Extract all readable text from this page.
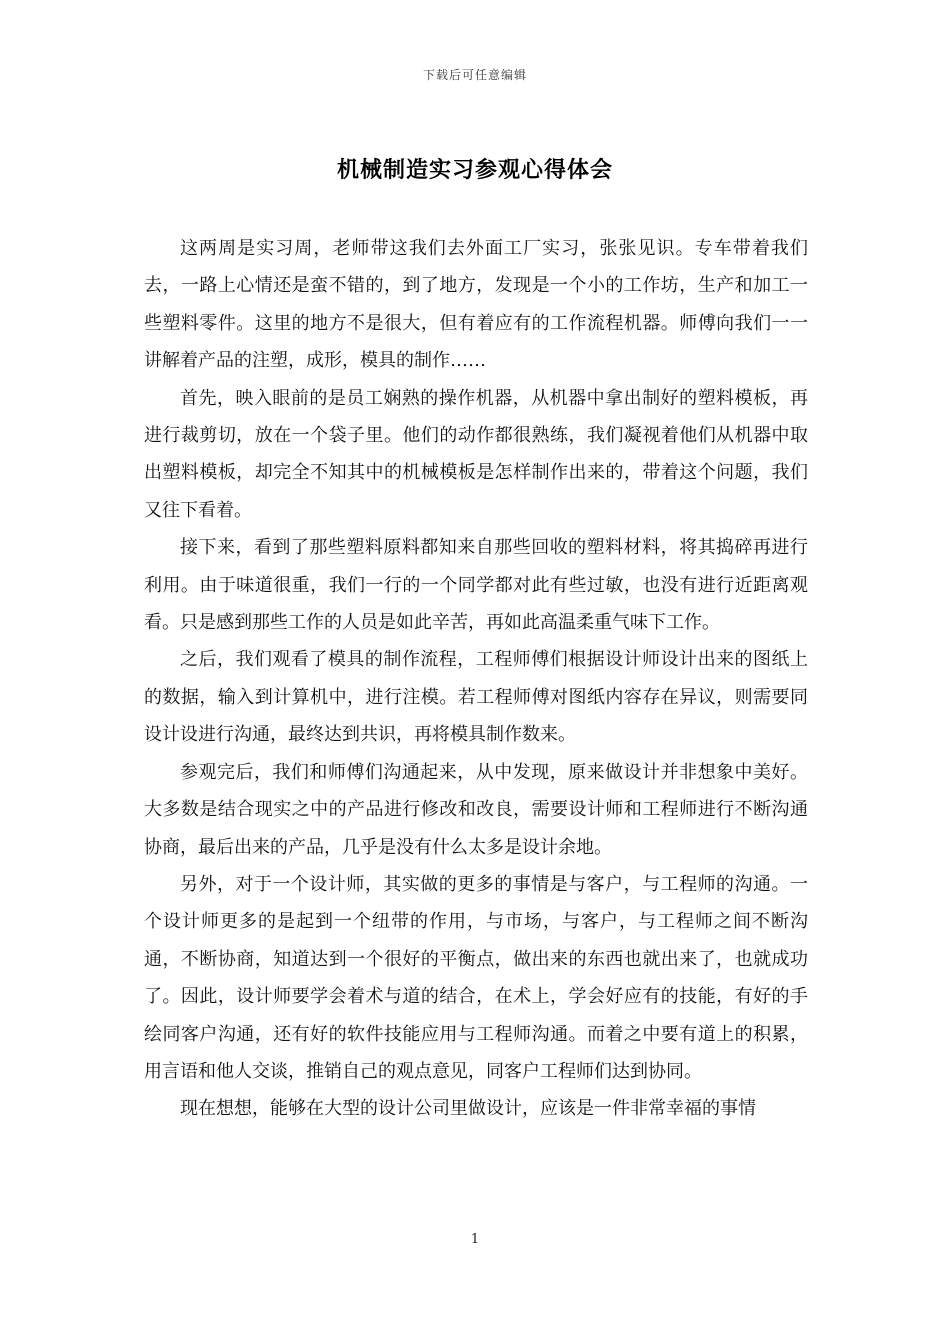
下载后可任意编辑
机械制造实习参观心得体会

这两周是实习周，老师带这我们去外面工厂实习，张张见识。专车带着我们去，一路上心情还是蛮不错的，到了地方，发现是一个小的工作坊，生产和加工一些塑料零件。这里的地方不是很大，但有着应有的工作流程机器。师傅向我们一一讲解着产品的注塑，成形，模具的制作……

首先，映入眼前的是员工娴熟的操作机器，从机器中拿出制好的塑料模板，再进行裁剪切，放在一个袋子里。他们的动作都很熟练，我们凝视着他们从机器中取出塑料模板，却完全不知其中的机械模板是怎样制作出来的，带着这个问题，我们又往下看着。

接下来，看到了那些塑料原料都知来自那些回收的塑料材料，将其捣碎再进行利用。由于味道很重，我们一行的一个同学都对此有些过敏，也没有进行近距离观看。只是感到那些工作的人员是如此辛苦，再如此高温柔重气味下工作。

之后，我们观看了模具的制作流程，工程师傅们根据设计师设计出来的图纸上的数据，输入到计算机中，进行注模。若工程师傅对图纸内容存在异议，则需要同设计设进行沟通，最终达到共识，再将模具制作数来。

参观完后，我们和师傅们沟通起来，从中发现，原来做设计并非想象中美好。大多数是结合现实之中的产品进行修改和改良，需要设计师和工程师进行不断沟通协商，最后出来的产品，几乎是没有什么太多是设计余地。

另外，对于一个设计师，其实做的更多的事情是与客户，与工程师的沟通。一个设计师更多的是起到一个纽带的作用，与市场，与客户，与工程师之间不断沟通，不断协商，知道达到一个很好的平衡点，做出来的东西也就出来了，也就成功了。因此，设计师要学会着术与道的结合，在术上，学会好应有的技能，有好的手绘同客户沟通，还有好的软件技能应用与工程师沟通。而着之中要有道上的积累，用言语和他人交谈，推销自己的观点意见，同客户工程师们达到协同。

现在想想，能够在大型的设计公司里做设计，应该是一件非常幸福的事情

1
